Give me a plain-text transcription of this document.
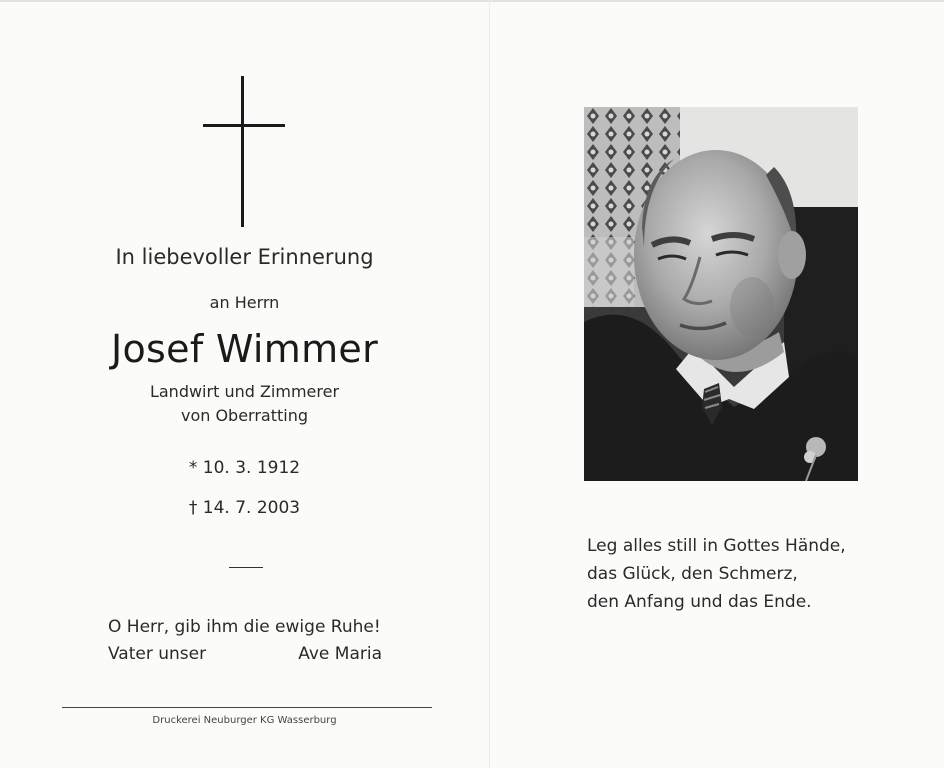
In liebevoller Erinnerung
an Herrn
Josef Wimmer
Landwirt und Zimmerer
von Oberratting
* 10. 3. 1912
† 14. 7. 2003
O Herr, gib ihm die ewige Ruhe!
Vater unser	Ave Maria
Druckerei Neuburger KG Wasserburg
Leg alles still in Gottes Hände,
das Glück, den Schmerz,
den Anfang und das Ende.
